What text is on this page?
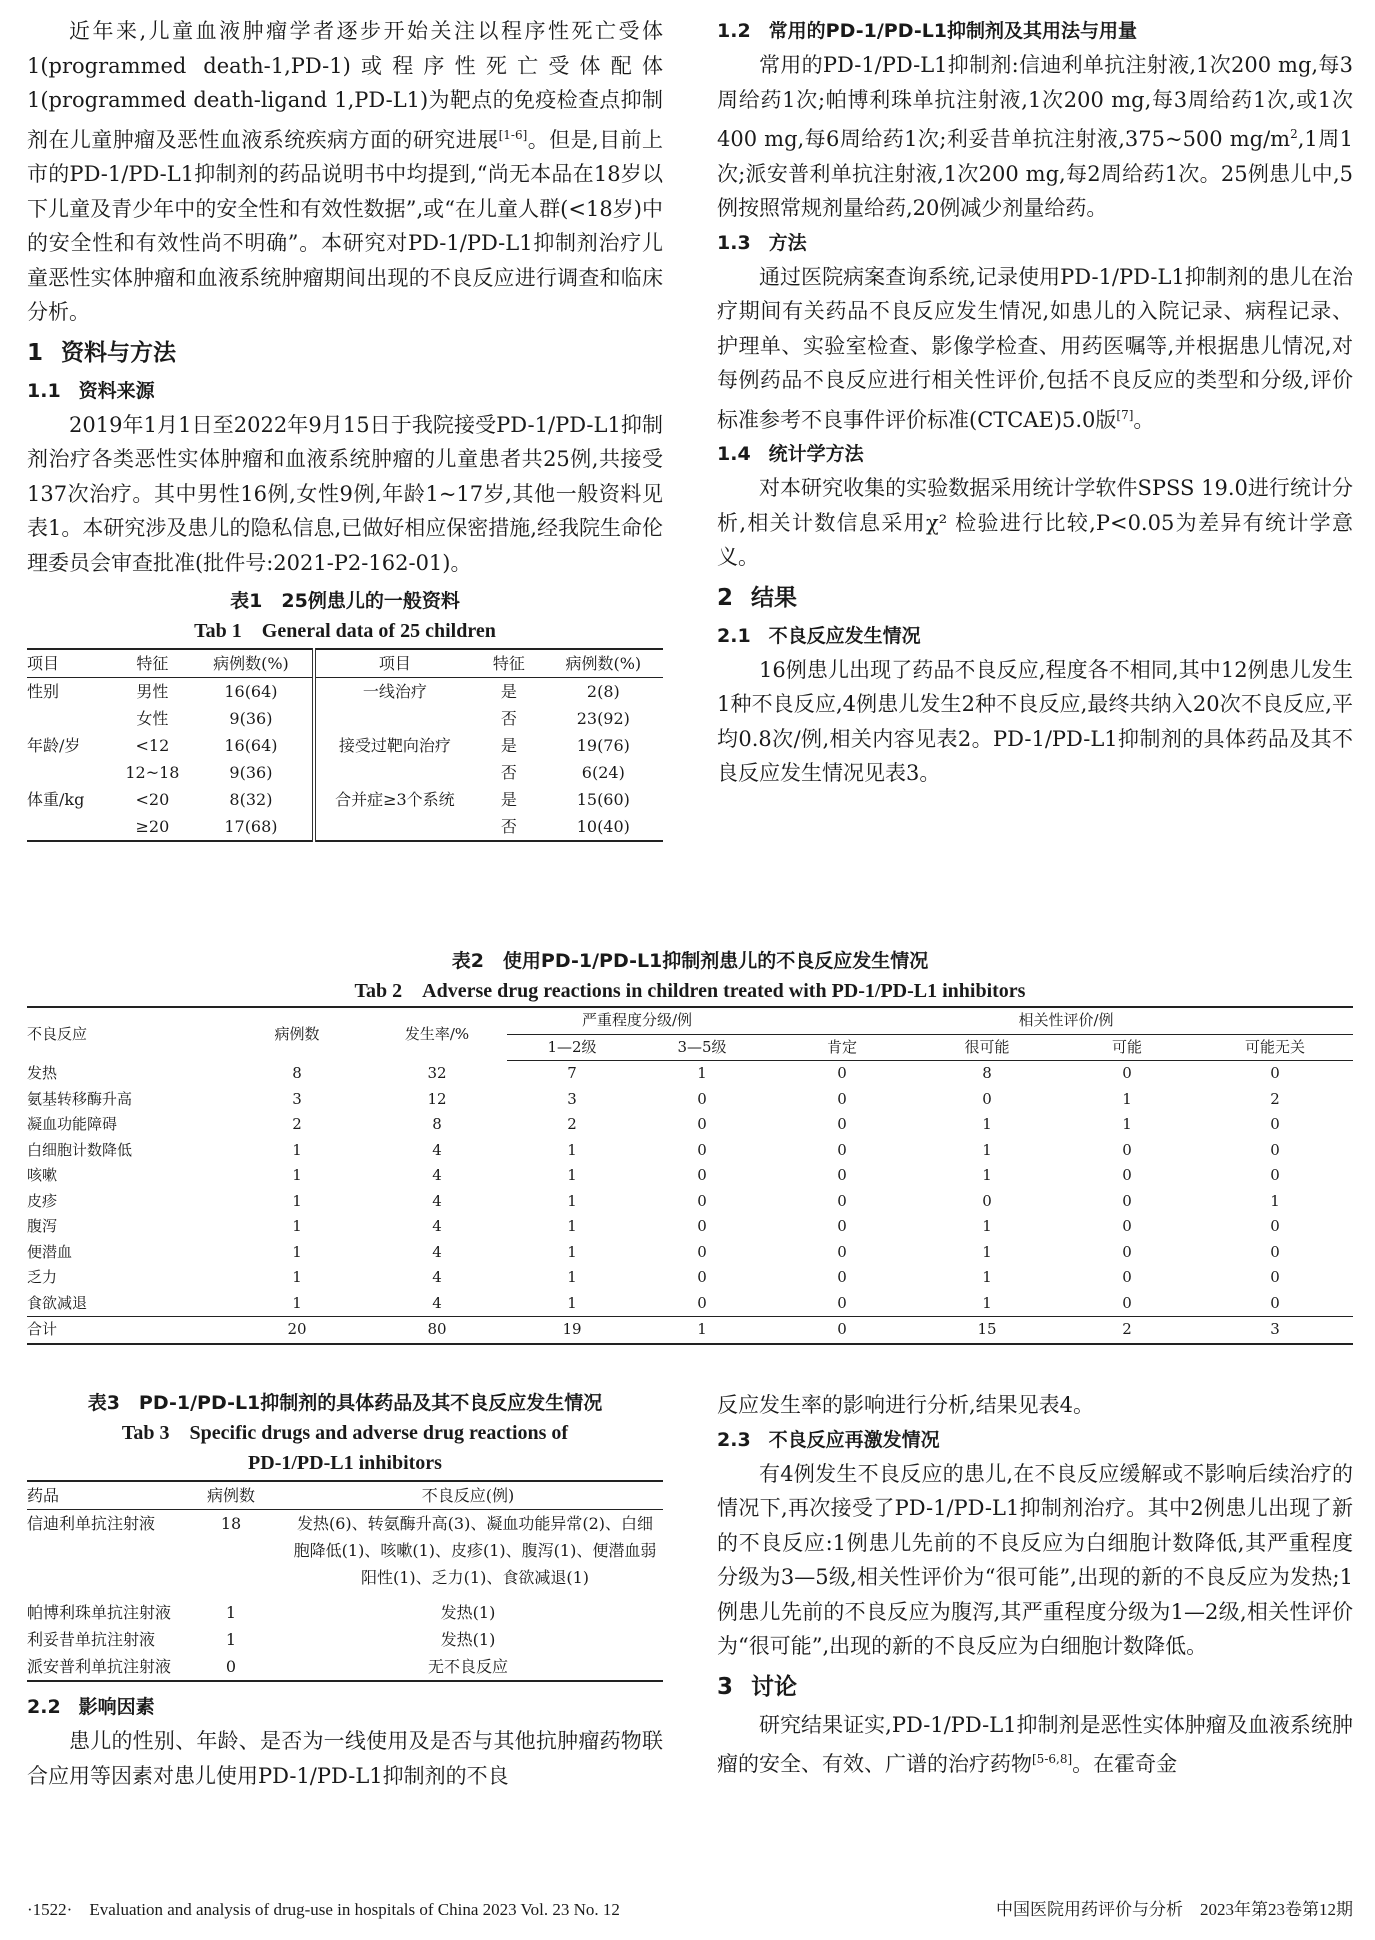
近年来,儿童血液肿瘤学者逐步开始关注以程序性死亡受体1(programmed death-1,PD-1)或程序性死亡受体配体1(programmed death-ligand 1,PD-L1)为靶点的免疫检查点抑制剂在儿童肿瘤及恶性血液系统疾病方面的研究进展[1-6]。但是,目前上市的PD-1/PD-L1抑制剂的药品说明书中均提到,“尚无本品在18岁以下儿童及青少年中的安全性和有效性数据”,或“在儿童人群(<18岁)中的安全性和有效性尚不明确”。本研究对PD-1/PD-L1抑制剂治疗儿童恶性实体肿瘤和血液系统肿瘤期间出现的不良反应进行调查和临床分析。

1 资料与方法
1.1 资料来源

2019年1月1日至2022年9月15日于我院接受PD-1/PD-L1抑制剂治疗各类恶性实体肿瘤和血液系统肿瘤的儿童患者共25例,共接受137次治疗。其中男性16例,女性9例,年龄1~17岁,其他一般资料见表1。本研究涉及患儿的隐私信息,已做好相应保密措施,经我院生命伦理委员会审查批准(批件号:2021-P2-162-01)。

表1　25例患儿的一般资料

Tab 1　General data of 25 children

项目	特征	病例数(%)	项目	特征	病例数(%)
性别	男性	16(64)	一线治疗	是	2(8)
	女性	9(36)		否	23(92)
年龄/岁	<12	16(64)	接受过靶向治疗	是	19(76)
	12~18	9(36)		否	6(24)
体重/kg	<20	8(32)	合并症≥3个系统	是	15(60)
	≥20	17(68)		否	10(40)
1.2 常用的PD-1/PD-L1抑制剂及其用法与用量

常用的PD-1/PD-L1抑制剂:信迪利单抗注射液,1次200 mg,每3周给药1次;帕博利珠单抗注射液,1次200 mg,每3周给药1次,或1次400 mg,每6周给药1次;利妥昔单抗注射液,375~500 $mg/m^2,1$周1次;派安普利单抗注射液,1次200 mg,每2周给药1次。25例患儿中,5例按照常规剂量给药,20例减少剂量给药。

1.3 方法

通过医院病案查询系统,记录使用PD-1/PD-L1抑制剂的患儿在治疗期间有关药品不良反应发生情况,如患儿的入院记录、病程记录、护理单、实验室检查、影像学检查、用药医嘱等,并根据患儿情况,对每例药品不良反应进行相关性评价,包括不良反应的类型和分级,评价标准参考不良事件评价标准(CTCAE)5.0版[7]。

1.4 统计学方法

对本研究收集的实验数据采用统计学软件SPSS 19.0进行统计分析,相关计数信息采用χ² 检验进行比较,P<0.05为差异有统计学意义。

2 结果
2.1 不良反应发生情况

16例患儿出现了药品不良反应,程度各不相同,其中12例患儿发生1种不良反应,4例患儿发生2种不良反应,最终共纳入20次不良反应,平均0.8次/例,相关内容见表2。PD-1/PD-L1抑制剂的具体药品及其不良反应发生情况见表3。

表2　使用PD-1/PD-L1抑制剂患儿的不良反应发生情况

Tab 2　Adverse drug reactions in children treated with PD-1/PD-L1 inhibitors

不良反应	病例数	发生率/%	严重程度分级/例		相关性评价/例			
			1—2级	3—5级	肯定	很可能	可能	可能无关
发热	8	32	7	1	0	8	0	0
氨基转移酶升高	3	12	3	0	0	0	1	2
凝血功能障碍	2	8	2	0	0	1	1	0
白细胞计数降低	1	4	1	0	0	1	0	0
咳嗽	1	4	1	0	0	1	0	0
皮疹	1	4	1	0	0	0	0	1
腹泻	1	4	1	0	0	1	0	0
便潜血	1	4	1	0	0	1	0	0
乏力	1	4	1	0	0	1	0	0
食欲减退	1	4	1	0	0	1	0	0
合计	20	80	19	1	0	15	2	3

表3　PD-1/PD-L1抑制剂的具体药品及其不良反应发生情况

Tab 3　Specific drugs and adverse drug reactions of

PD-1/PD-L1 inhibitors

药品	病例数	不良反应(例)
信迪利单抗注射液	18	发热(6)、转氨酶升高(3)、凝血功能异常(2)、白细胞降低(1)、咳嗽(1)、皮疹(1)、腹泻(1)、便潜血弱阳性(1)、乏力(1)、食欲减退(1)
帕博利珠单抗注射液	1	发热(1)
利妥昔单抗注射液	1	发热(1)
派安普利单抗注射液	0	无不良反应
2.2 影响因素

患儿的性别、年龄、是否为一线使用及是否与其他抗肿瘤药物联合应用等因素对患儿使用PD-1/PD-L1抑制剂的不良

反应发生率的影响进行分析,结果见表4。

2.3 不良反应再激发情况

有4例发生不良反应的患儿,在不良反应缓解或不影响后续治疗的情况下,再次接受了PD-1/PD-L1抑制剂治疗。其中2例患儿出现了新的不良反应:1例患儿先前的不良反应为白细胞计数降低,其严重程度分级为3—5级,相关性评价为“很可能”,出现的新的不良反应为发热;1例患儿先前的不良反应为腹泻,其严重程度分级为1—2级,相关性评价为“很可能”,出现的新的不良反应为白细胞计数降低。

3 讨论

研究结果证实,PD-1/PD-L1抑制剂是恶性实体肿瘤及血液系统肿瘤的安全、有效、广谱的治疗药物[5-6,8]。在霍奇金

·1522·　Evaluation and analysis of drug-use in hospitals of China 2023 Vol. 23 No. 12	中国医院用药评价与分析　2023年第23卷第12期
